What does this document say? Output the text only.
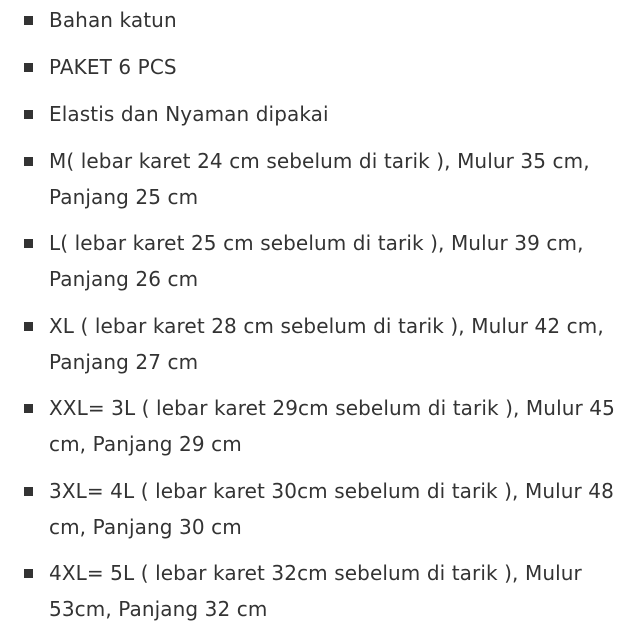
Bahan katun
PAKET 6 PCS
Elastis dan Nyaman dipakai
M( lebar karet 24 cm sebelum di tarik ), Mulur 35 cm,
Panjang 25 cm
L( lebar karet 25 cm sebelum di tarik ), Mulur 39 cm,
Panjang 26 cm
XL ( lebar karet 28 cm sebelum di tarik ), Mulur 42 cm,
Panjang 27 cm
XXL= 3L ( lebar karet 29cm sebelum di tarik ), Mulur 45
cm, Panjang 29 cm
3XL= 4L ( lebar karet 30cm sebelum di tarik ), Mulur 48
cm, Panjang 30 cm
4XL= 5L ( lebar karet 32cm sebelum di tarik ), Mulur
53cm, Panjang 32 cm
